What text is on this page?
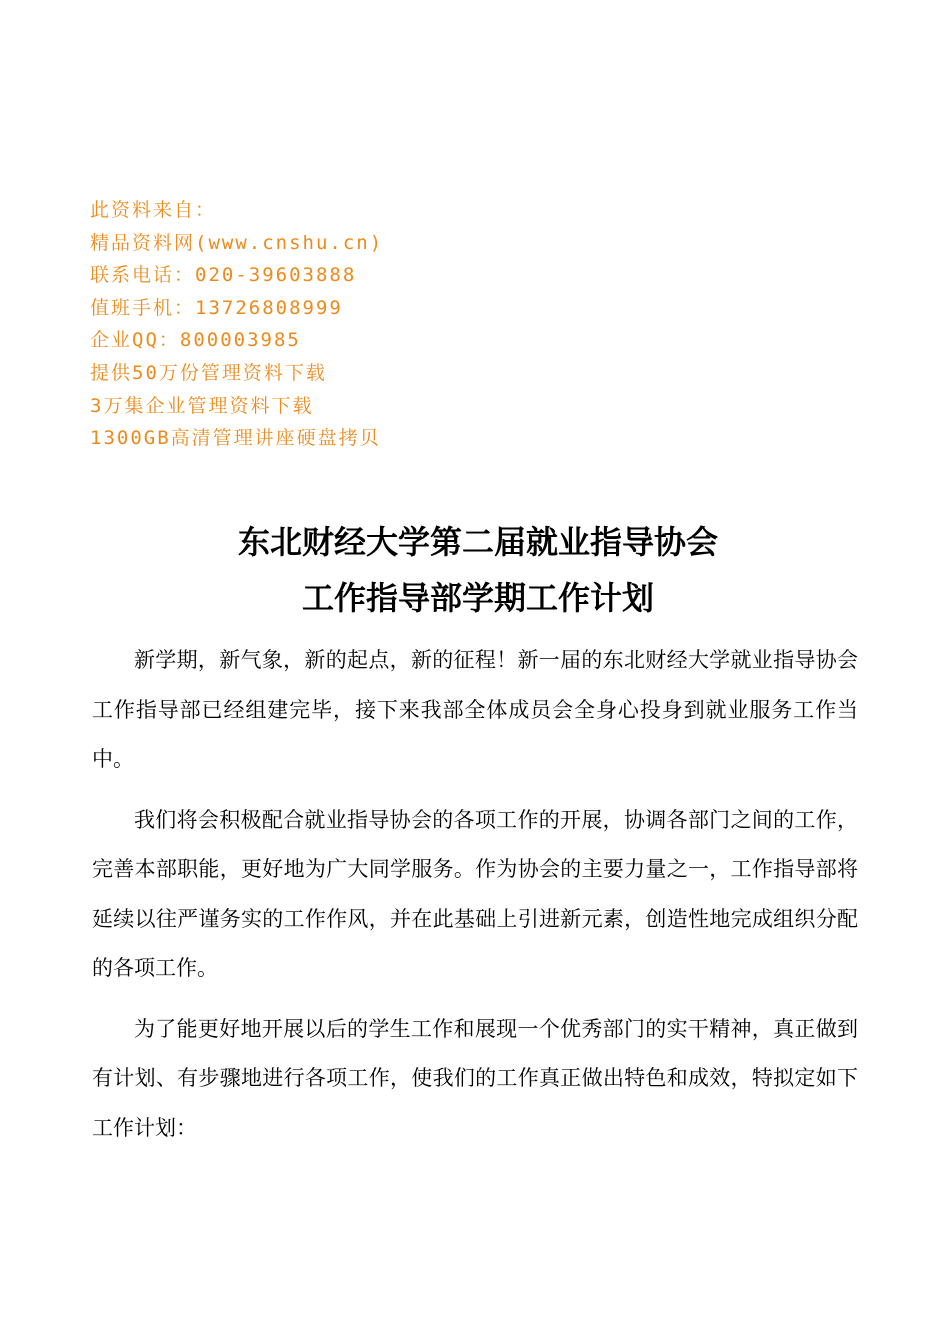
此资料来自：
精品资料网(www.cnshu.cn)
联系电话：020-39603888
值班手机：13726808999
企业QQ：800003985
提供50万份管理资料下载
3万集企业管理资料下载
1300GB高清管理讲座硬盘拷贝
东北财经大学第二届就业指导协会
工作指导部学期工作计划

新学期，新气象，新的起点，新的征程！新一届的东北财经大学就业指导协会工作指导部已经组建完毕，接下来我部全体成员会全身心投身到就业服务工作当中。

我们将会积极配合就业指导协会的各项工作的开展，协调各部门之间的工作，完善本部职能，更好地为广大同学服务。作为协会的主要力量之一，工作指导部将延续以往严谨务实的工作作风，并在此基础上引进新元素，创造性地完成组织分配的各项工作。

为了能更好地开展以后的学生工作和展现一个优秀部门的实干精神，真正做到有计划、有步骤地进行各项工作，使我们的工作真正做出特色和成效，特拟定如下工作计划：
